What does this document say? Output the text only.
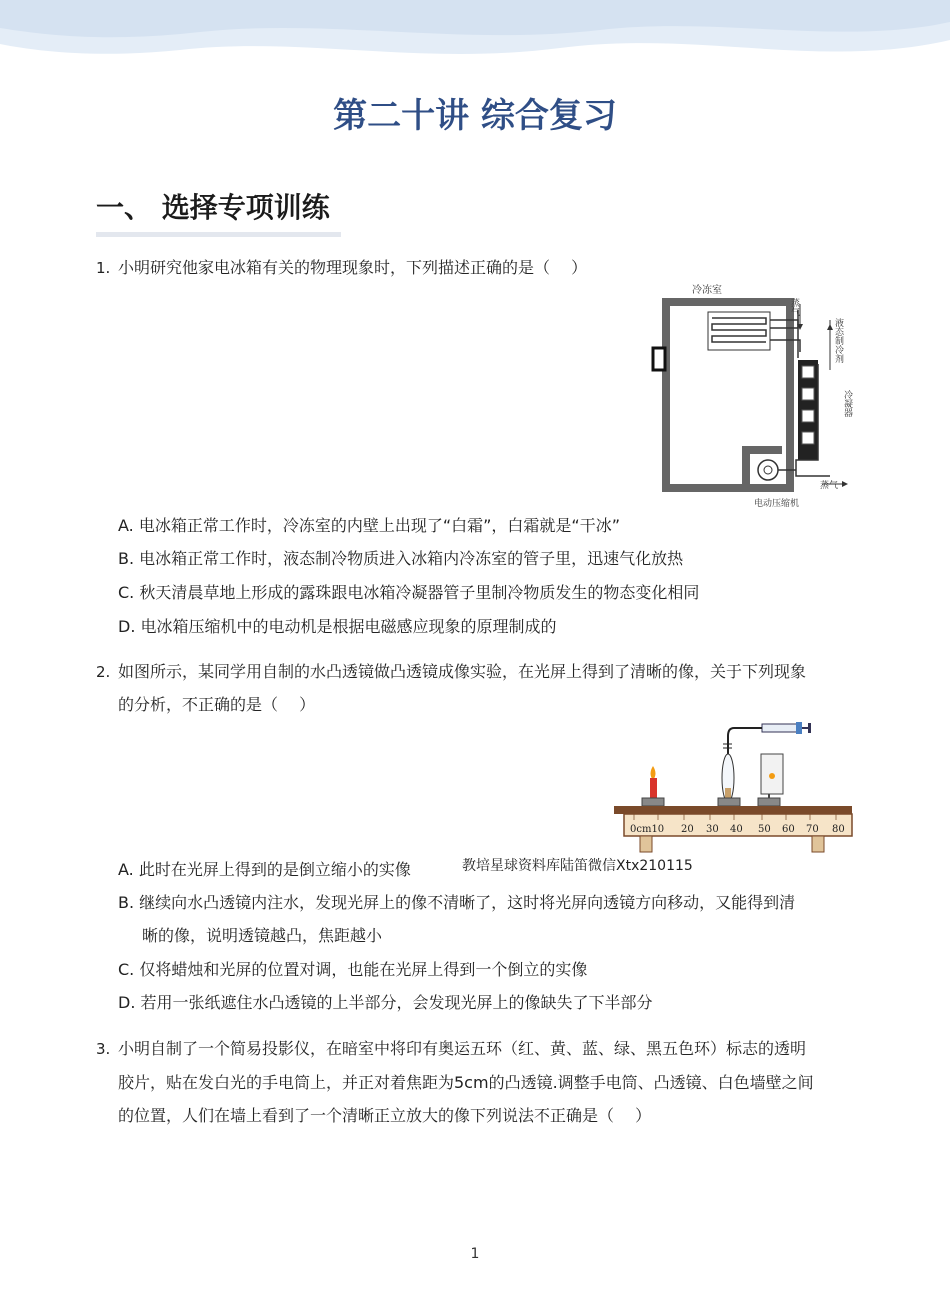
第二十讲 综合复习
一、 选择专项训练
1. 小明研究他家电冰箱有关的物理现象时，下列描述正确的是（　 ）
冷冻室
蒸气
液态制冷剂
冷凝器
蒸气
电动压缩机
A. 电冰箱正常工作时，冷冻室的内壁上出现了“白霜”，白霜就是“干冰”
B. 电冰箱正常工作时，液态制冷物质进入冰箱内冷冻室的管子里，迅速气化放热
C. 秋天清晨草地上形成的露珠跟电冰箱冷凝器管子里制冷物质发生的物态变化相同
D. 电冰箱压缩机中的电动机是根据电磁感应现象的原理制成的
2. 如图所示，某同学用自制的水凸透镜做凸透镜成像实验，在光屏上得到了清晰的像，关于下列现象
的分析，不正确的是（　 ）
0cm10 20 30 40 50 60 70 80
A. 此时在光屏上得到的是倒立缩小的实像	教培星球资料库陆笛微信Xtx210115
B. 继续向水凸透镜内注水，发现光屏上的像不清晰了，这时将光屏向透镜方向移动，又能得到清
晰的像，说明透镜越凸，焦距越小
C. 仅将蜡烛和光屏的位置对调，也能在光屏上得到一个倒立的实像
D. 若用一张纸遮住水凸透镜的上半部分，会发现光屏上的像缺失了下半部分
3. 小明自制了一个简易投影仪，在暗室中将印有奥运五环（红、黄、蓝、绿、黑五色环）标志的透明
胶片，贴在发白光的手电筒上，并正对着焦距为5cm的凸透镜.调整手电筒、凸透镜、白色墙壁之间
的位置，人们在墙上看到了一个清晰正立放大的像下列说法不正确是（　 ）
1
